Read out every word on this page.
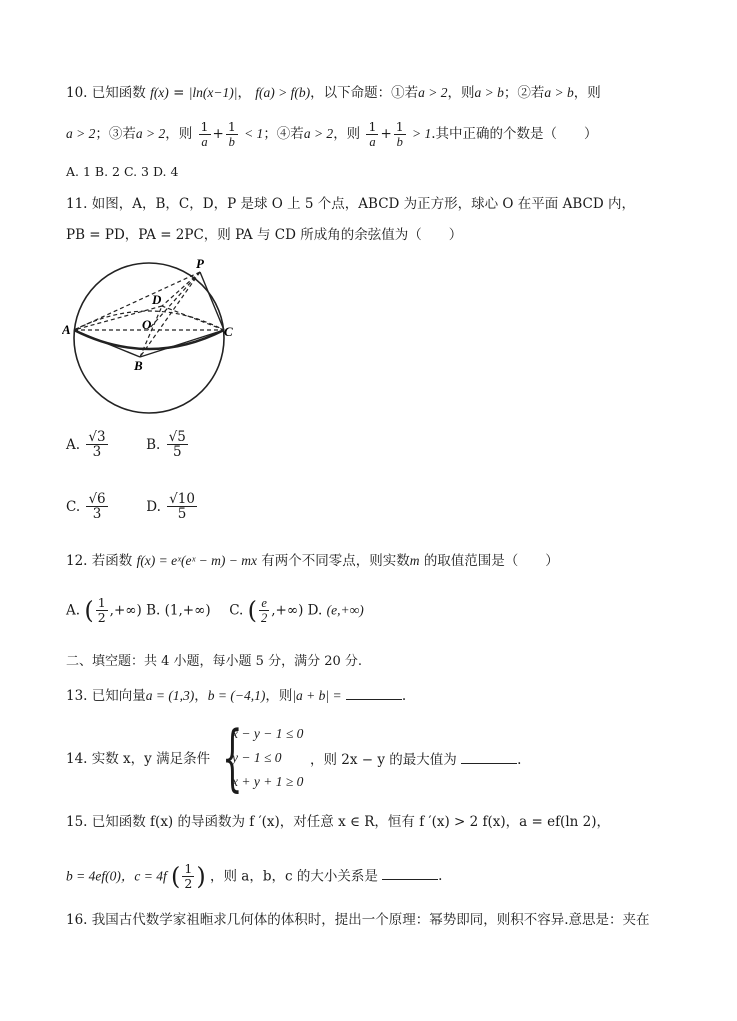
10. 已知函数 f(x) = |ln(x−1)|， f(a) > f(b)，以下命题：①若a > 2，则a > b；②若a > b，则
a > 2；③若a > 2，则 $\frac{1}{a} + \frac{1}{b} < 1$；④若a > 2，则 $\frac{1}{a} + \frac{1}{b} > 1$.其中正确的个数是（　　）
A. 1 B. 2 C. 3 D. 4
11. 如图，A，B，C，D，P 是球 O 上 5 个点，ABCD 为正方形，球心 O 在平面 ABCD 内，
PB = PD，PA = 2PC，则 PA 与 CD 所成角的余弦值为（　　）
P
D
O
A	C
B
A. $\frac{√3}{3}$	B. $\frac{√5}{5}$
C. $\frac{√6}{3}$	D. $\frac{√10}{5}$
12. 若函数 f(x) = eˣ(eˣ − m) − mx 有两个不同零点，则实数m 的取值范围是（　　）
A. ( $\frac{1}{2}$ ,+∞) B. (1,+∞) C. ( $\frac{e}{2}$ ,+∞) D. (e,+∞)
二、填空题：共 4 小题，每小题 5 分，满分 20 分.
13. 已知向量a = (1,3)，b = (−4,1)，则|a + b| =	.
14. 实数 x，y 满足条件 {
x − y − 1 ≤ 0
y − 1 ≤ 0
x + y + 1 ≥ 0
，则 2x − y 的最大值为	.
15. 已知函数 f(x) 的导函数为 f ′(x)，对任意 x ∈ R，恒有 f ′(x) > 2 f(x)，a = ef(ln 2)，
b = 4ef(0)，c = 4f ( $\frac{1}{2}$ ) ，则 a，b，c 的大小关系是	.
16. 我国古代数学家祖暅求几何体的体积时，提出一个原理：幂势即同，则积不容异.意思是：夹在
